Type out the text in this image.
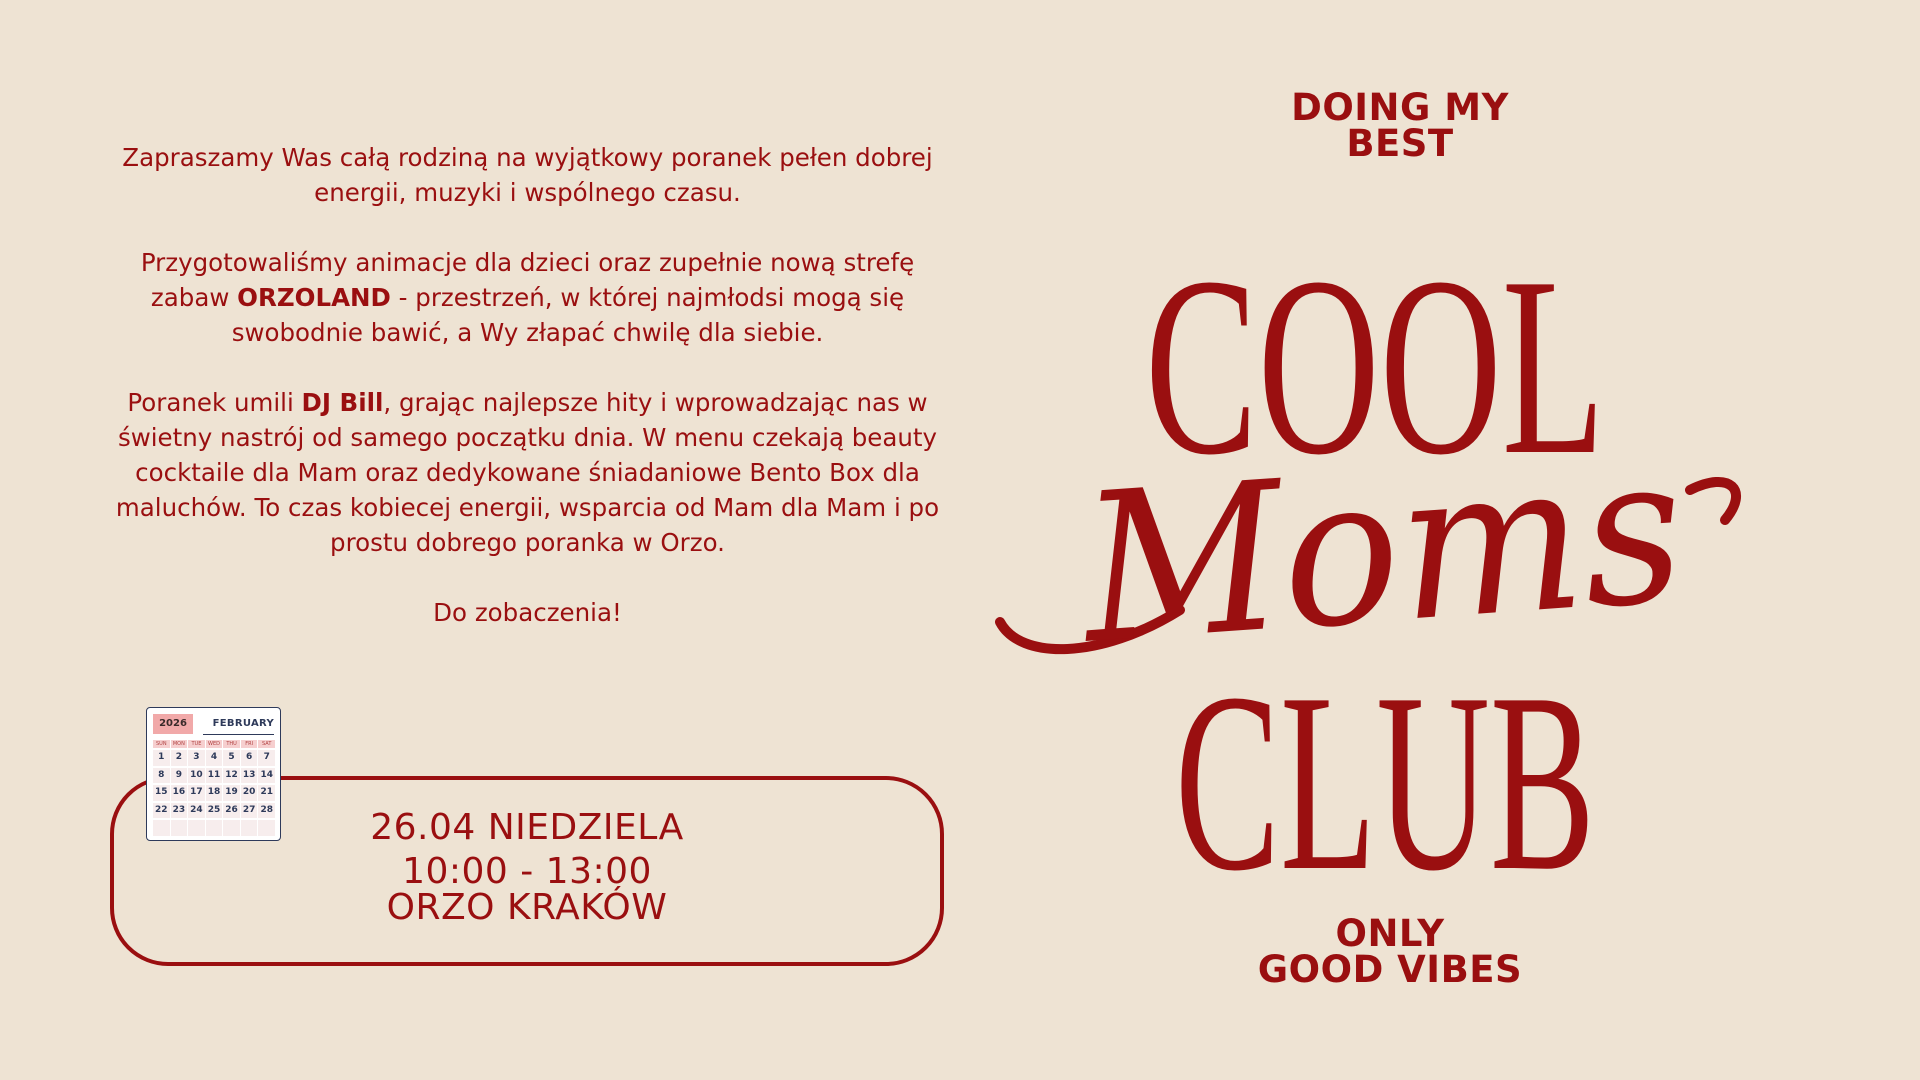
Zapraszamy Was całą rodziną na wyjątkowy poranek pełen dobrej energii, muzyki i wspólnego czasu.

Przygotowaliśmy animacje dla dzieci oraz zupełnie nową strefę zabaw ORZOLAND - przestrzeń, w której najmłodsi mogą się swobodnie bawić, a Wy złapać chwilę dla siebie.

Poranek umili DJ Bill, grając najlepsze hity i wprowadzając nas w świetny nastrój od samego początku dnia. W menu czekają beauty cocktaile dla Mam oraz dedykowane śniadaniowe Bento Box dla maluchów. To czas kobiecej energii, wsparcia od Mam dla Mam i po prostu dobrego poranka w Orzo.

Do zobaczenia!

26.04 NIEDZIELA
10:00 - 13:00
ORZO KRAKÓW
2026	FEBRUARY
SUN	MON	TUE	WED	THU	FRI	SAT
1	2	3	4	5	6	7
8	9 10 11 12 13 14
15 16 17 18 19 20 21
22 23 24 25 26 27 28
DOING MY
BEST
COOL
CLUB
Moms
ONLY
GOOD VIBES
